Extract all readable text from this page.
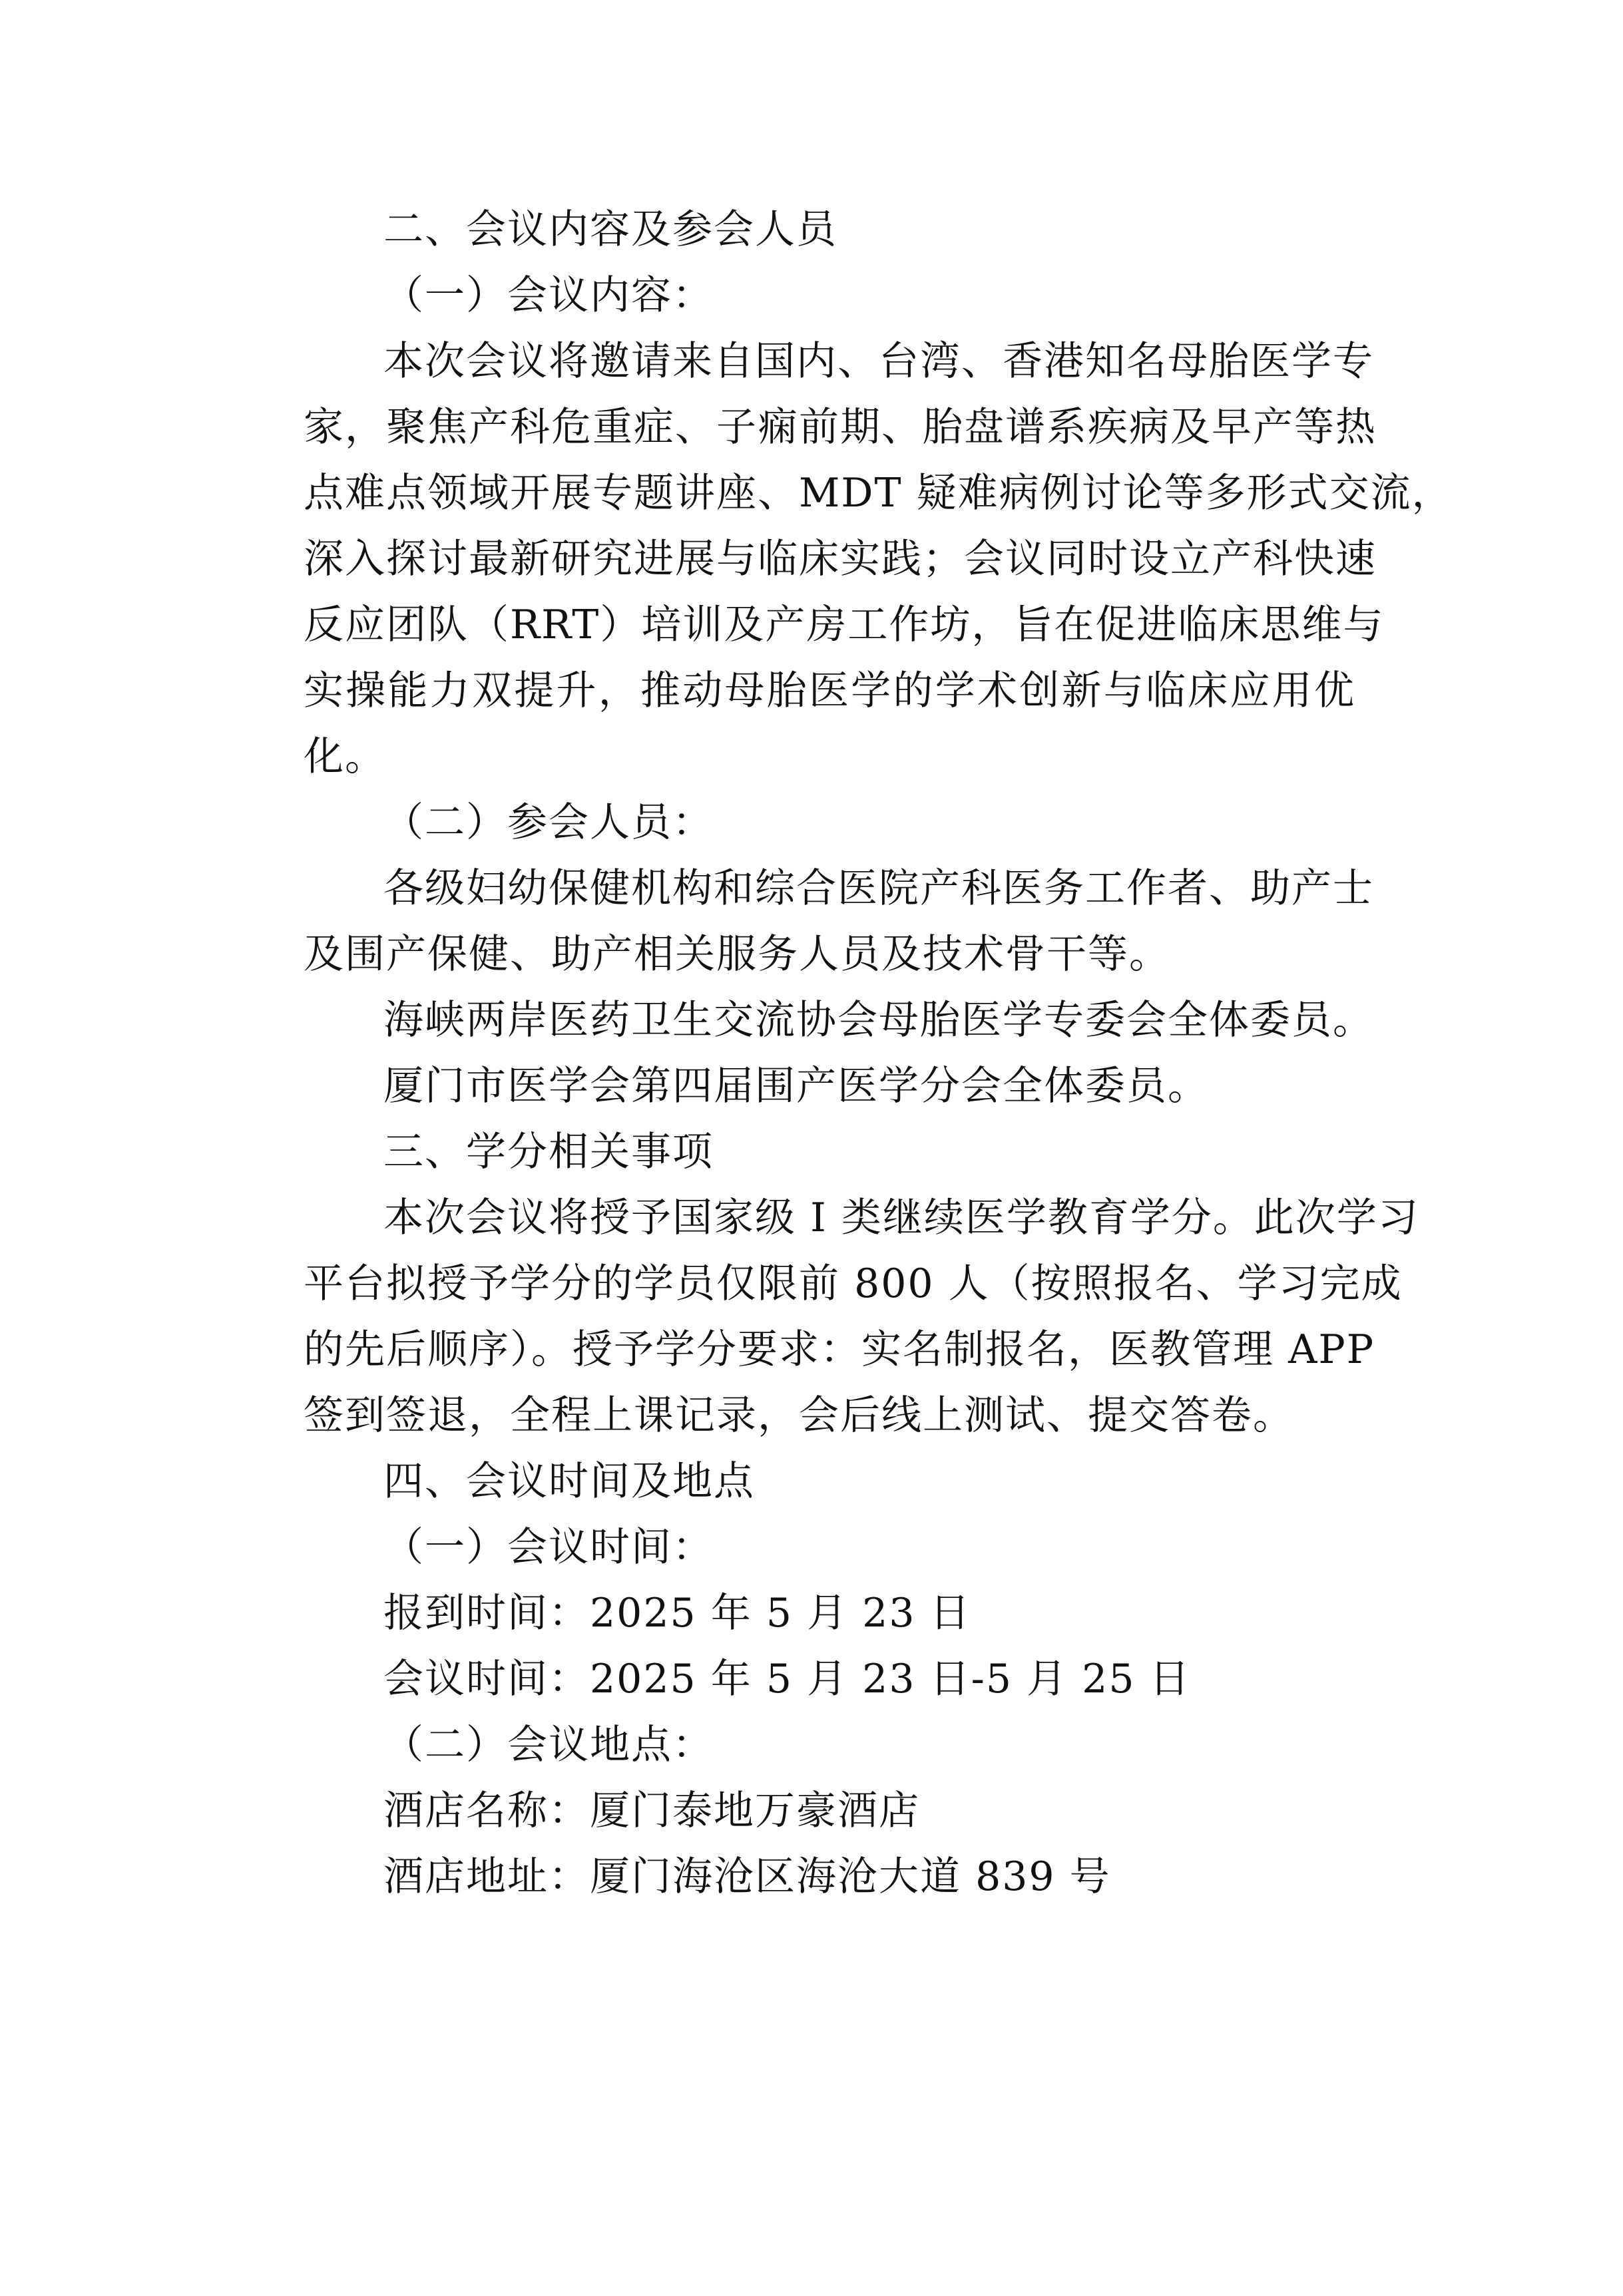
二、会议内容及参会人员
（一）会议内容：
本次会议将邀请来自国内、台湾、香港知名母胎医学专
家，聚焦产科危重症、子痫前期、胎盘谱系疾病及早产等热
点难点领域开展专题讲座、MDT 疑难病例讨论等多形式交流，
深入探讨最新研究进展与临床实践；会议同时设立产科快速
反应团队（RRT）培训及产房工作坊，旨在促进临床思维与
实操能力双提升，推动母胎医学的学术创新与临床应用优
化。
（二）参会人员：
各级妇幼保健机构和综合医院产科医务工作者、助产士
及围产保健、助产相关服务人员及技术骨干等。
海峡两岸医药卫生交流协会母胎医学专委会全体委员。
厦门市医学会第四届围产医学分会全体委员。
三、学分相关事项
本次会议将授予国家级 I 类继续医学教育学分。此次学习
平台拟授予学分的学员仅限前 800 人（按照报名、学习完成
的先后顺序）。授予学分要求：实名制报名，医教管理 APP
签到签退，全程上课记录，会后线上测试、提交答卷。
四、会议时间及地点
（一）会议时间：
报到时间：2025 年 5 月 23 日
会议时间：2025 年 5 月 23 日-5 月 25 日
（二）会议地点：
酒店名称：厦门泰地万豪酒店
酒店地址：厦门海沧区海沧大道 839 号
